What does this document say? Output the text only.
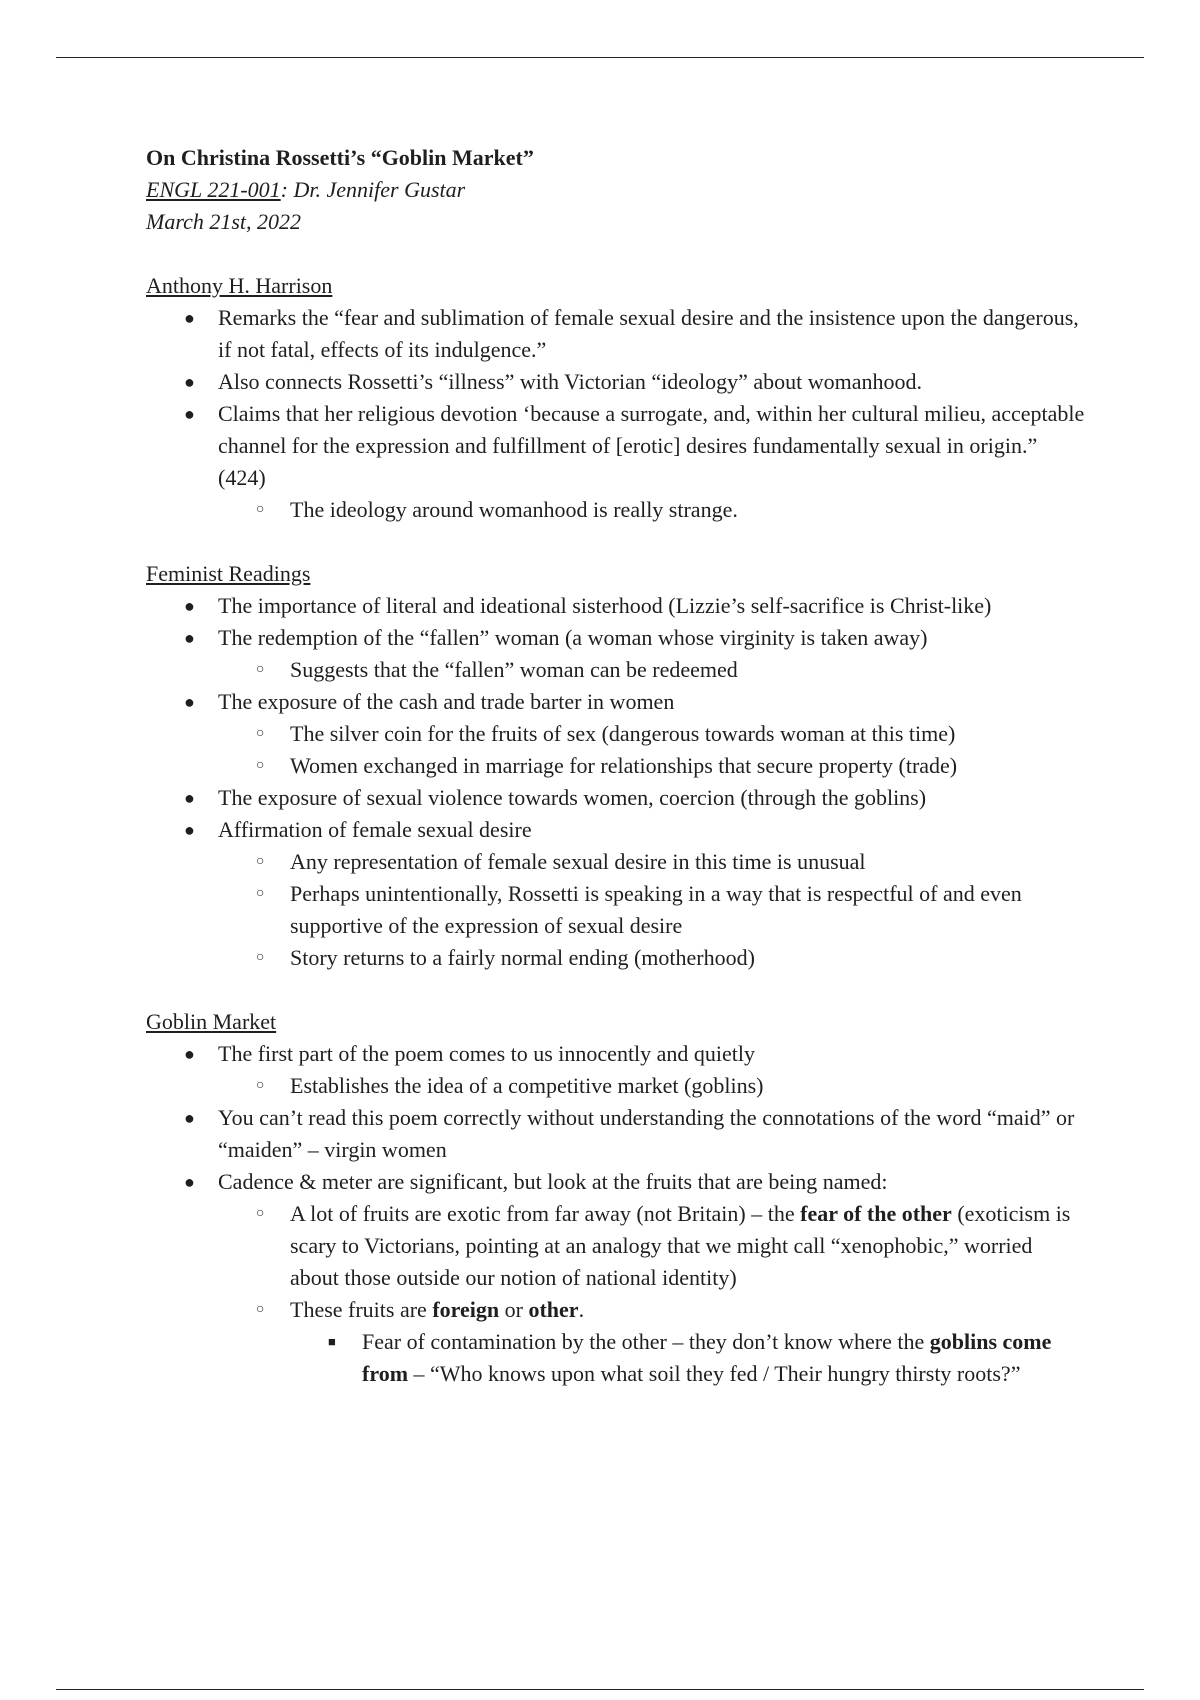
On Christina Rossetti’s “Goblin Market”

ENGL 221-001: Dr. Jennifer Gustar

March 21st, 2022

Anthony H. Harrison

● Remarks the “fear and sublimation of female sexual desire and the insistence upon the dangerous, if not fatal, effects of its indulgence.”
● Also connects Rossetti’s “illness” with Victorian “ideology” about womanhood.
● Claims that her religious devotion ‘because a surrogate, and, within her cultural milieu, acceptable channel for the expression and fulfillment of [erotic] desires fundamentally sexual in origin.” (424)
○ The ideology around womanhood is really strange.

Feminist Readings

● The importance of literal and ideational sisterhood (Lizzie’s self-sacrifice is Christ-like)
● The redemption of the “fallen” woman (a woman whose virginity is taken away)
○ Suggests that the “fallen” woman can be redeemed
● The exposure of the cash and trade barter in women
○ The silver coin for the fruits of sex (dangerous towards woman at this time)
○ Women exchanged in marriage for relationships that secure property (trade)
● The exposure of sexual violence towards women, coercion (through the goblins)
● Affirmation of female sexual desire
○ Any representation of female sexual desire in this time is unusual
○ Perhaps unintentionally, Rossetti is speaking in a way that is respectful of and even supportive of the expression of sexual desire
○ Story returns to a fairly normal ending (motherhood)

Goblin Market

● The first part of the poem comes to us innocently and quietly
○ Establishes the idea of a competitive market (goblins)
● You can’t read this poem correctly without understanding the connotations of the word “maid” or “maiden” – virgin women
● Cadence & meter are significant, but look at the fruits that are being named:
○ A lot of fruits are exotic from far away (not Britain) – the fear of the other (exoticism is scary to Victorians, pointing at an analogy that we might call “xenophobic,” worried about those outside our notion of national identity)
○ These fruits are foreign or other.
■ Fear of contamination by the other – they don’t know where the goblins come from – “Who knows upon what soil they fed / Their hungry thirsty roots?”
